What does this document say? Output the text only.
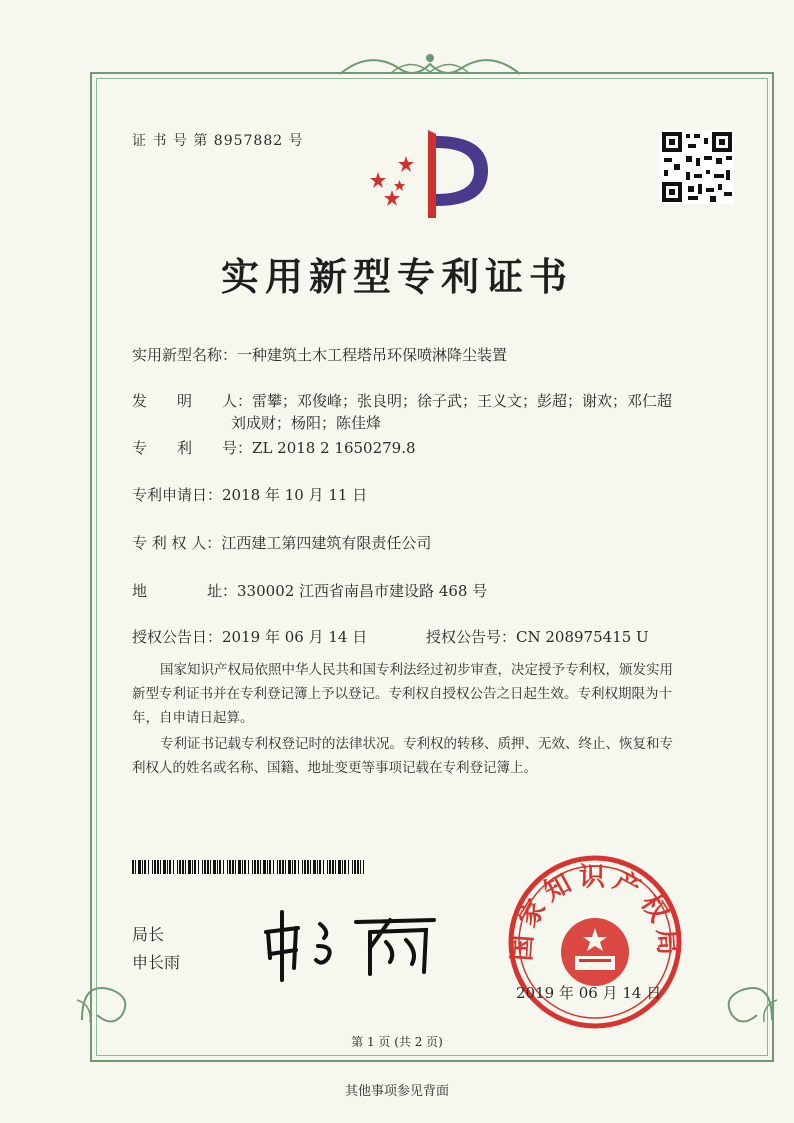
证 书 号 第 8957882 号
实用新型专利证书
实用新型名称：一种建筑土木工程塔吊环保喷淋降尘装置
发　　明　　人：雷攀；邓俊峰；张良明；徐子武；王义文；彭超；谢欢；邓仁超
刘成财；杨阳；陈佳烽
专　　利　　号：ZL 2018 2 1650279.8
专利申请日：2018 年 10 月 11 日
专 利 权 人：江西建工第四建筑有限责任公司
地　　　　址：330002 江西省南昌市建设路 468 号
授权公告日：2019 年 06 月 14 日	授权公告号：CN 208975415 U
国家知识产权局依照中华人民共和国专利法经过初步审查，决定授予专利权，颁发实用
新型专利证书并在专利登记簿上予以登记。专利权自授权公告之日起生效。专利权期限为十
年，自申请日起算。
专利证书记载专利权登记时的法律状况。专利权的转移、质押、无效、终止、恢复和专
利权人的姓名或名称、国籍、地址变更等事项记载在专利登记簿上。
局长
申长雨
国家知识产权局
2019 年 06 月 14 日
第 1 页 (共 2 页)
其他事项参见背面
